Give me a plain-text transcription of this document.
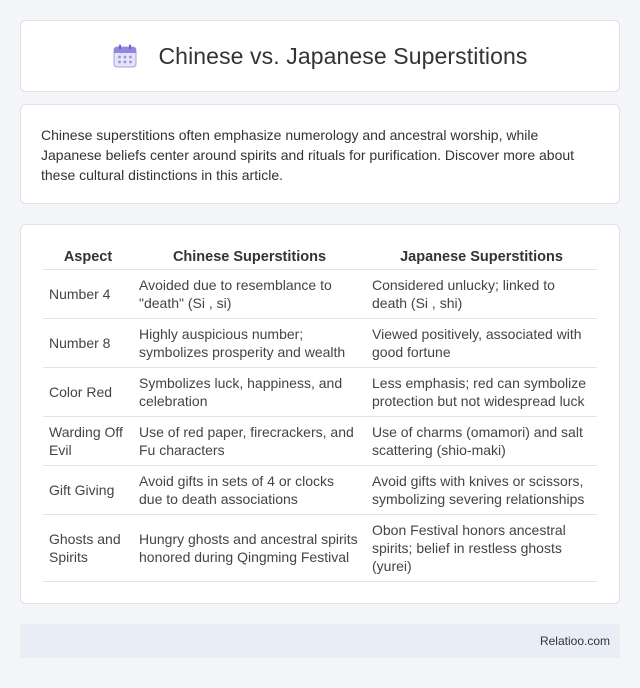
Chinese vs. Japanese Superstitions

Chinese superstitions often emphasize numerology and ancestral worship, while Japanese beliefs center around spirits and rituals for purification. Discover more about these cultural distinctions in this article.

Aspect	Chinese Superstitions	Japanese Superstitions
Number 4	Avoided due to resemblance to "death" (Si , si)	Considered unlucky; linked to death (Si , shi)
Number 8	Highly auspicious number; symbolizes prosperity and wealth	Viewed positively, associated with good fortune
Color Red	Symbolizes luck, happiness, and celebration	Less emphasis; red can symbolize protection but not widespread luck
Warding Off Evil	Use of red paper, firecrackers, and Fu characters	Use of charms (omamori) and salt scattering (shio-maki)
Gift Giving	Avoid gifts in sets of 4 or clocks due to death associations	Avoid gifts with knives or scissors, symbolizing severing relationships
Ghosts and Spirits	Hungry ghosts and ancestral spirits honored during Qingming Festival	Obon Festival honors ancestral spirits; belief in restless ghosts (yurei)
Relatioo.com
